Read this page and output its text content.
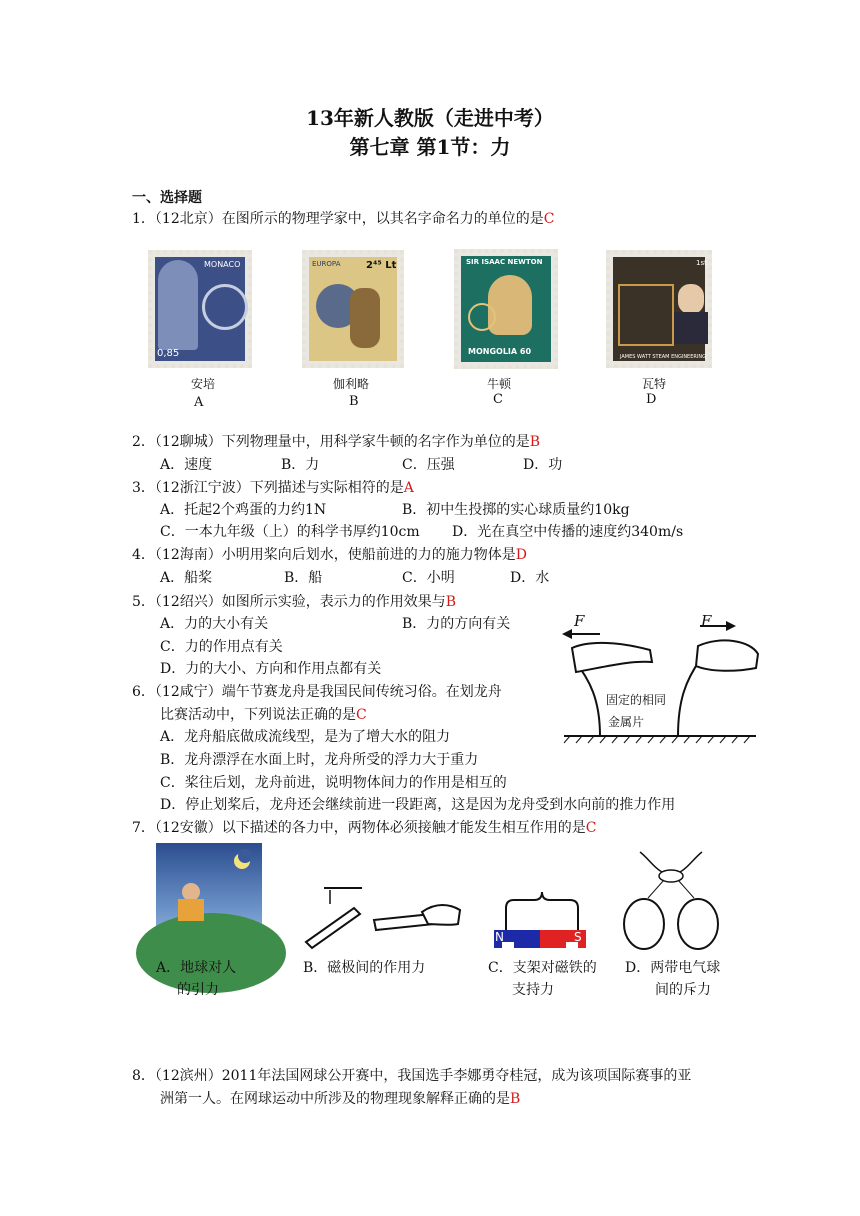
13年新人教版（走进中考）
第七章 第1节：力
一、选择题
1．（12北京）在图所示的物理学家中，以其名字命名力的单位的是C
MONACO
0,85
EUROPA	2⁴⁵ Lt	SIR ISAAC NEWTON
MONGOLIA 60
1st
JAMES WATT STEAM ENGINEERING
安培	伽利略	牛顿	瓦特
A	B	C	D
2．（12聊城）下列物理量中，用科学家牛顿的名字作为单位的是B
A．速度	B．力	C．压强	D．功
3．（12浙江宁波）下列描述与实际相符的是A
A．托起2个鸡蛋的力约1N	B．初中生投掷的实心球质量约10kg
C．一本九年级（上）的科学书厚约10cm D．光在真空中传播的速度约340m/s
4．（12海南）小明用桨向后划水，使船前进的力的施力物体是D
A．船桨	B．船	C．小明	D．水
5．（12绍兴）如图所示实验，表示力的作用效果与B
A．力的大小有关	B．力的方向有关
C．力的作用点有关
D．力的大小、方向和作用点都有关
F	F
固定的相同
金属片
6．（12咸宁）端午节赛龙舟是我国民间传统习俗。在划龙舟
比赛活动中，下列说法正确的是C
A．龙舟船底做成流线型，是为了增大水的阻力
B．龙舟漂浮在水面上时，龙舟所受的浮力大于重力
C．桨往后划，龙舟前进，说明物体间力的作用是相互的
D．停止划桨后，龙舟还会继续前进一段距离，这是因为龙舟受到水向前的推力作用
7．（12安徽）以下描述的各力中，两物体必须接触才能发生相互作用的是C
N	S
A．地球对人
的引力
B．磁极间的作用力	C．支架对磁铁的
支持力
D．两带电气球
间的斥力
8．（12滨州）2011年法国网球公开赛中，我国选手李娜勇夺桂冠，成为该项国际赛事的亚
洲第一人。在网球运动中所涉及的物理现象解释正确的是B
